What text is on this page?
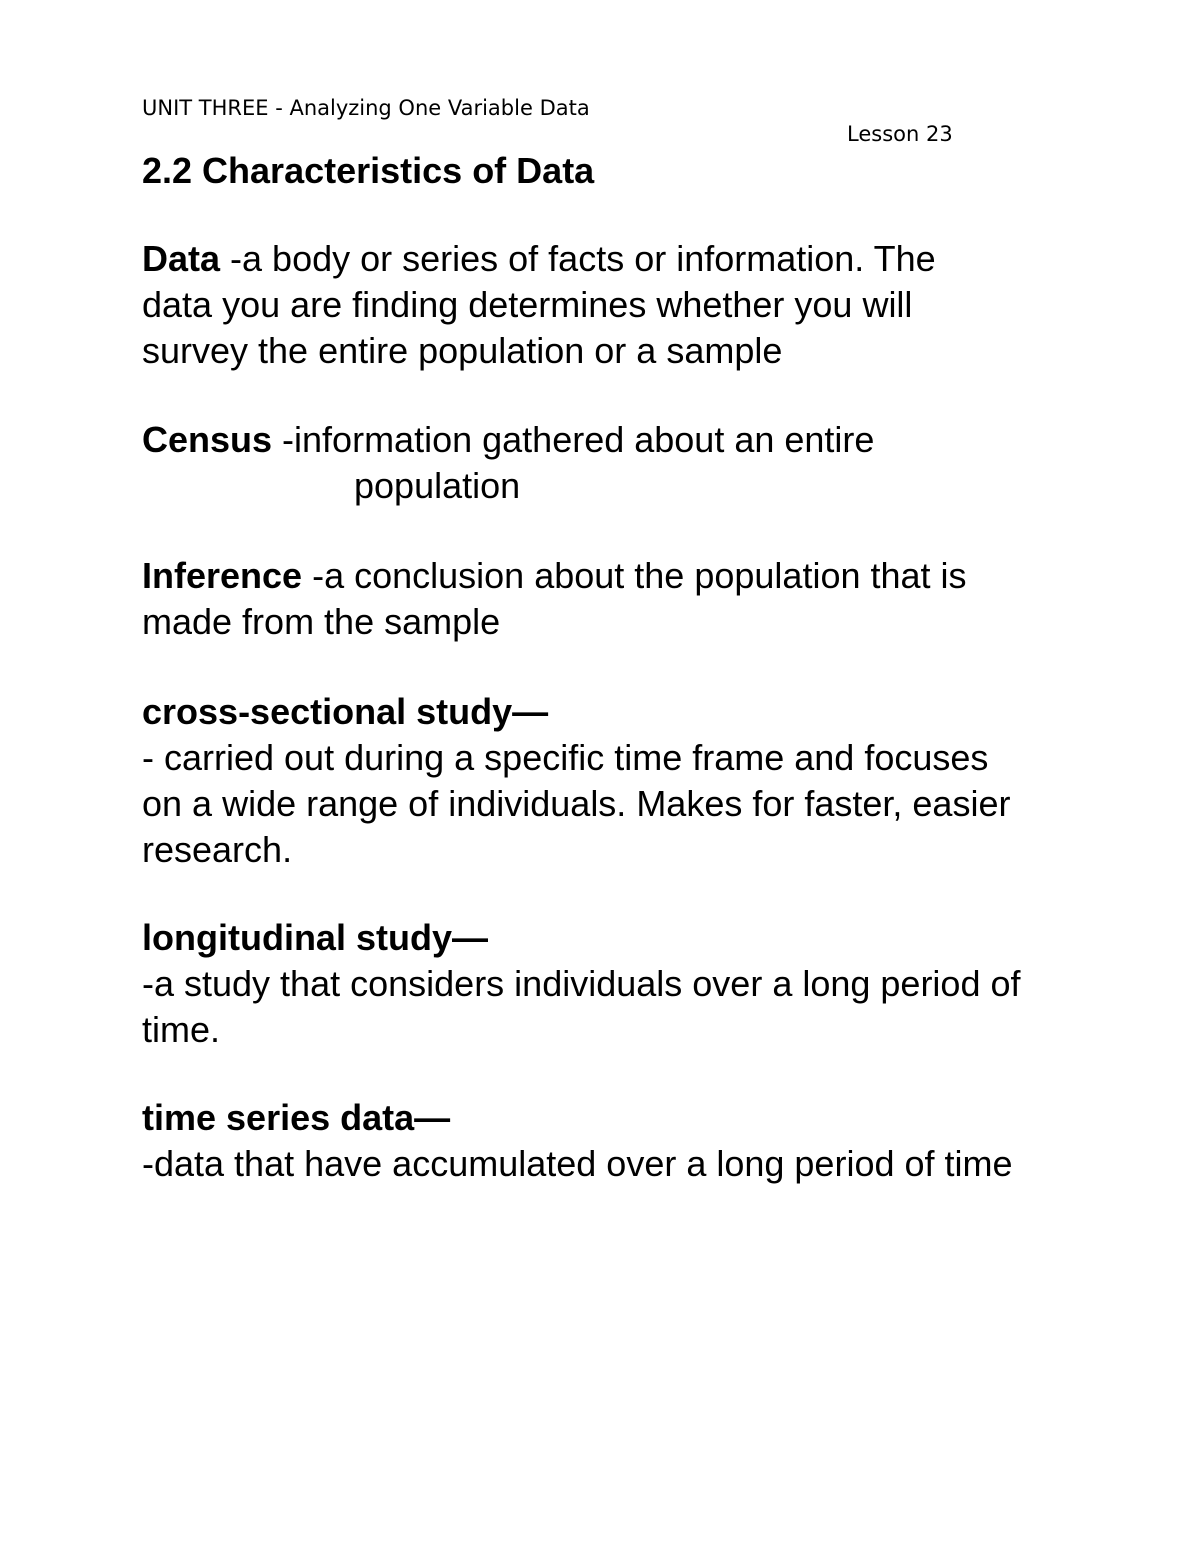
UNIT THREE - Analyzing One Variable Data
Lesson 23
2.2 Characteristics of Data

Data -a body or series of facts or information. The
data you are finding determines whether you will
survey the entire population or a sample

Census -information gathered about an entire
population

Inference -a conclusion about the population that is
made from the sample

cross-sectional study—
- carried out during a specific time frame and focuses
on a wide range of individuals. Makes for faster, easier
research.

longitudinal study—
-a study that considers individuals over a long period of
time.

time series data—
-data that have accumulated over a long period of time
